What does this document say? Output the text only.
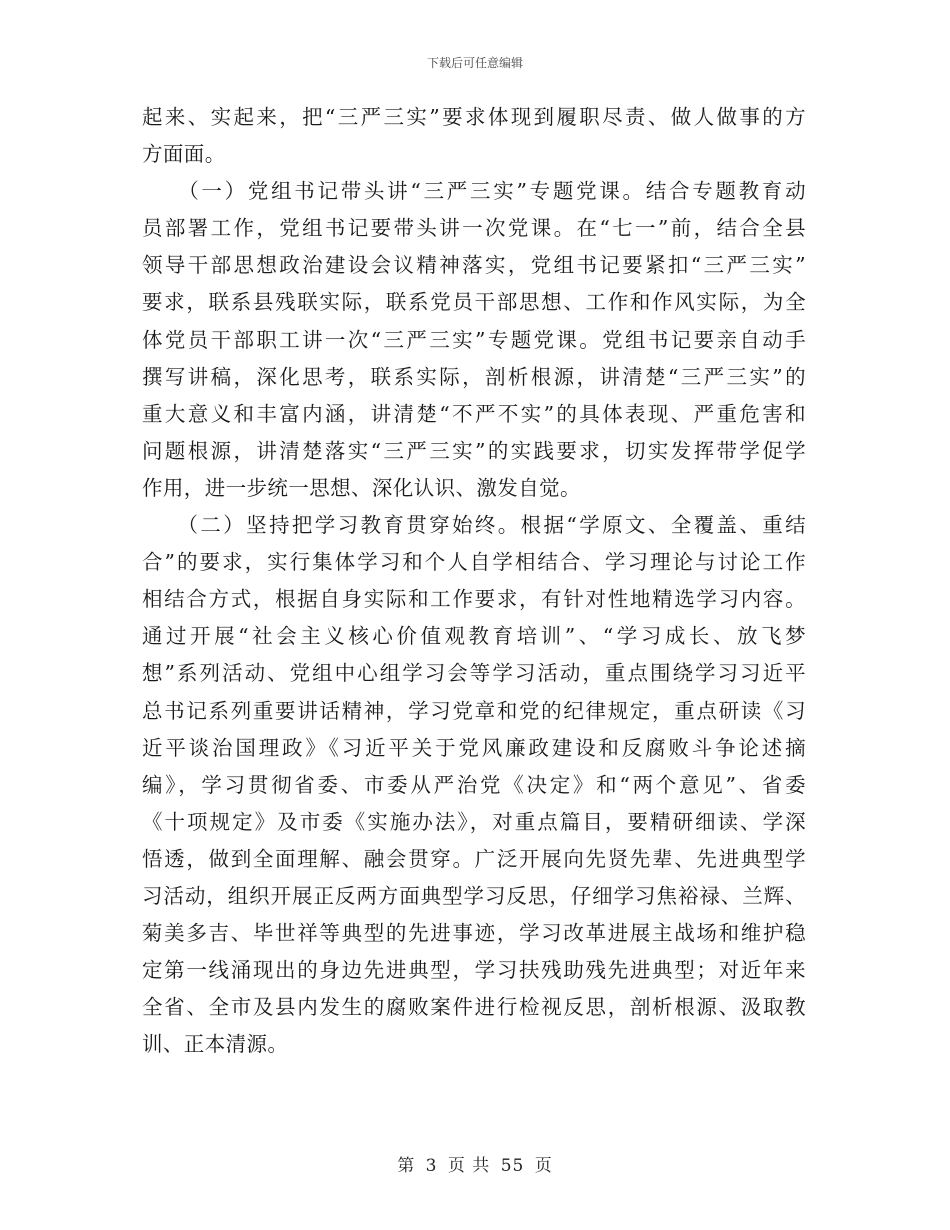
下载后可任意编辑
起来、实起来，把“三严三实”要求体现到履职尽责、做人做事的方
方面面。
　　（一）党组书记带头讲“三严三实”专题党课。结合专题教育动
员部署工作，党组书记要带头讲一次党课。在“七一”前，结合全县
领导干部思想政治建设会议精神落实，党组书记要紧扣“三严三实”
要求，联系县残联实际，联系党员干部思想、工作和作风实际，为全
体党员干部职工讲一次“三严三实”专题党课。党组书记要亲自动手
撰写讲稿，深化思考，联系实际，剖析根源，讲清楚“三严三实”的
重大意义和丰富内涵，讲清楚“不严不实”的具体表现、严重危害和
问题根源，讲清楚落实“三严三实”的实践要求，切实发挥带学促学
作用，进一步统一思想、深化认识、激发自觉。
　　（二）坚持把学习教育贯穿始终。根据“学原文、全覆盖、重结
合”的要求，实行集体学习和个人自学相结合、学习理论与讨论工作
相结合方式，根据自身实际和工作要求，有针对性地精选学习内容。
通过开展“社会主义核心价值观教育培训”、“学习成长、放飞梦
想”系列活动、党组中心组学习会等学习活动，重点围绕学习习近平
总书记系列重要讲话精神，学习党章和党的纪律规定，重点研读《习
近平谈治国理政》《习近平关于党风廉政建设和反腐败斗争论述摘
编》，学习贯彻省委、市委从严治党《决定》和“两个意见”、省委
《十项规定》及市委《实施办法》，对重点篇目，要精研细读、学深
悟透，做到全面理解、融会贯穿。广泛开展向先贤先辈、先进典型学
习活动，组织开展正反两方面典型学习反思，仔细学习焦裕禄、兰辉、
菊美多吉、毕世祥等典型的先进事迹，学习改革进展主战场和维护稳
定第一线涌现出的身边先进典型，学习扶残助残先进典型；对近年来
全省、全市及县内发生的腐败案件进行检视反思，剖析根源、汲取教
训、正本清源。
第 3 页 共 55 页
